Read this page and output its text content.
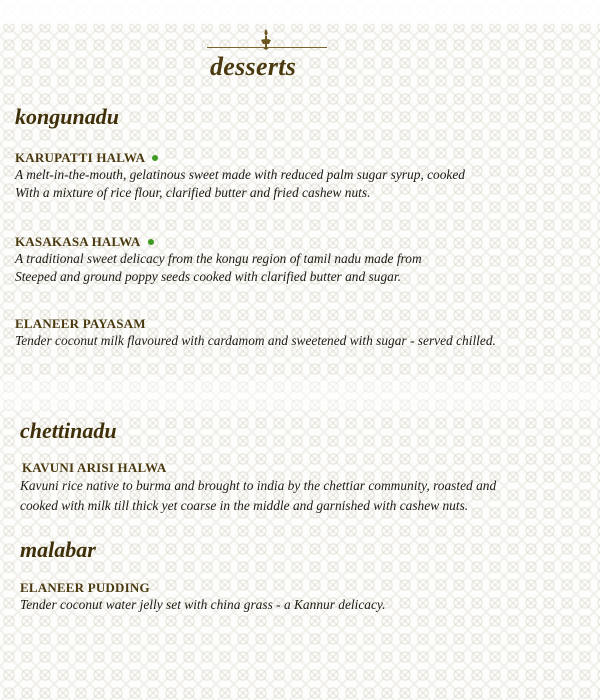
desserts
kongunadu
KARUPATTI HALWA
A melt-in-the-mouth, gelatinous sweet made with reduced palm sugar syrup, cooked
With a mixture of rice flour, clarified butter and fried cashew nuts.
KASAKASA HALWA
A traditional sweet delicacy from the kongu region of tamil nadu made from
Steeped and ground poppy seeds cooked with clarified butter and sugar.
ELANEER PAYASAM
Tender coconut milk flavoured with cardamom and sweetened with sugar - served chilled.
chettinadu
KAVUNI ARISI HALWA
Kavuni rice native to burma and brought to india by the chettiar community, roasted and
cooked with milk till thick yet coarse in the middle and garnished with cashew nuts.
malabar
ELANEER PUDDING
Tender coconut water jelly set with china grass - a Kannur delicacy.
